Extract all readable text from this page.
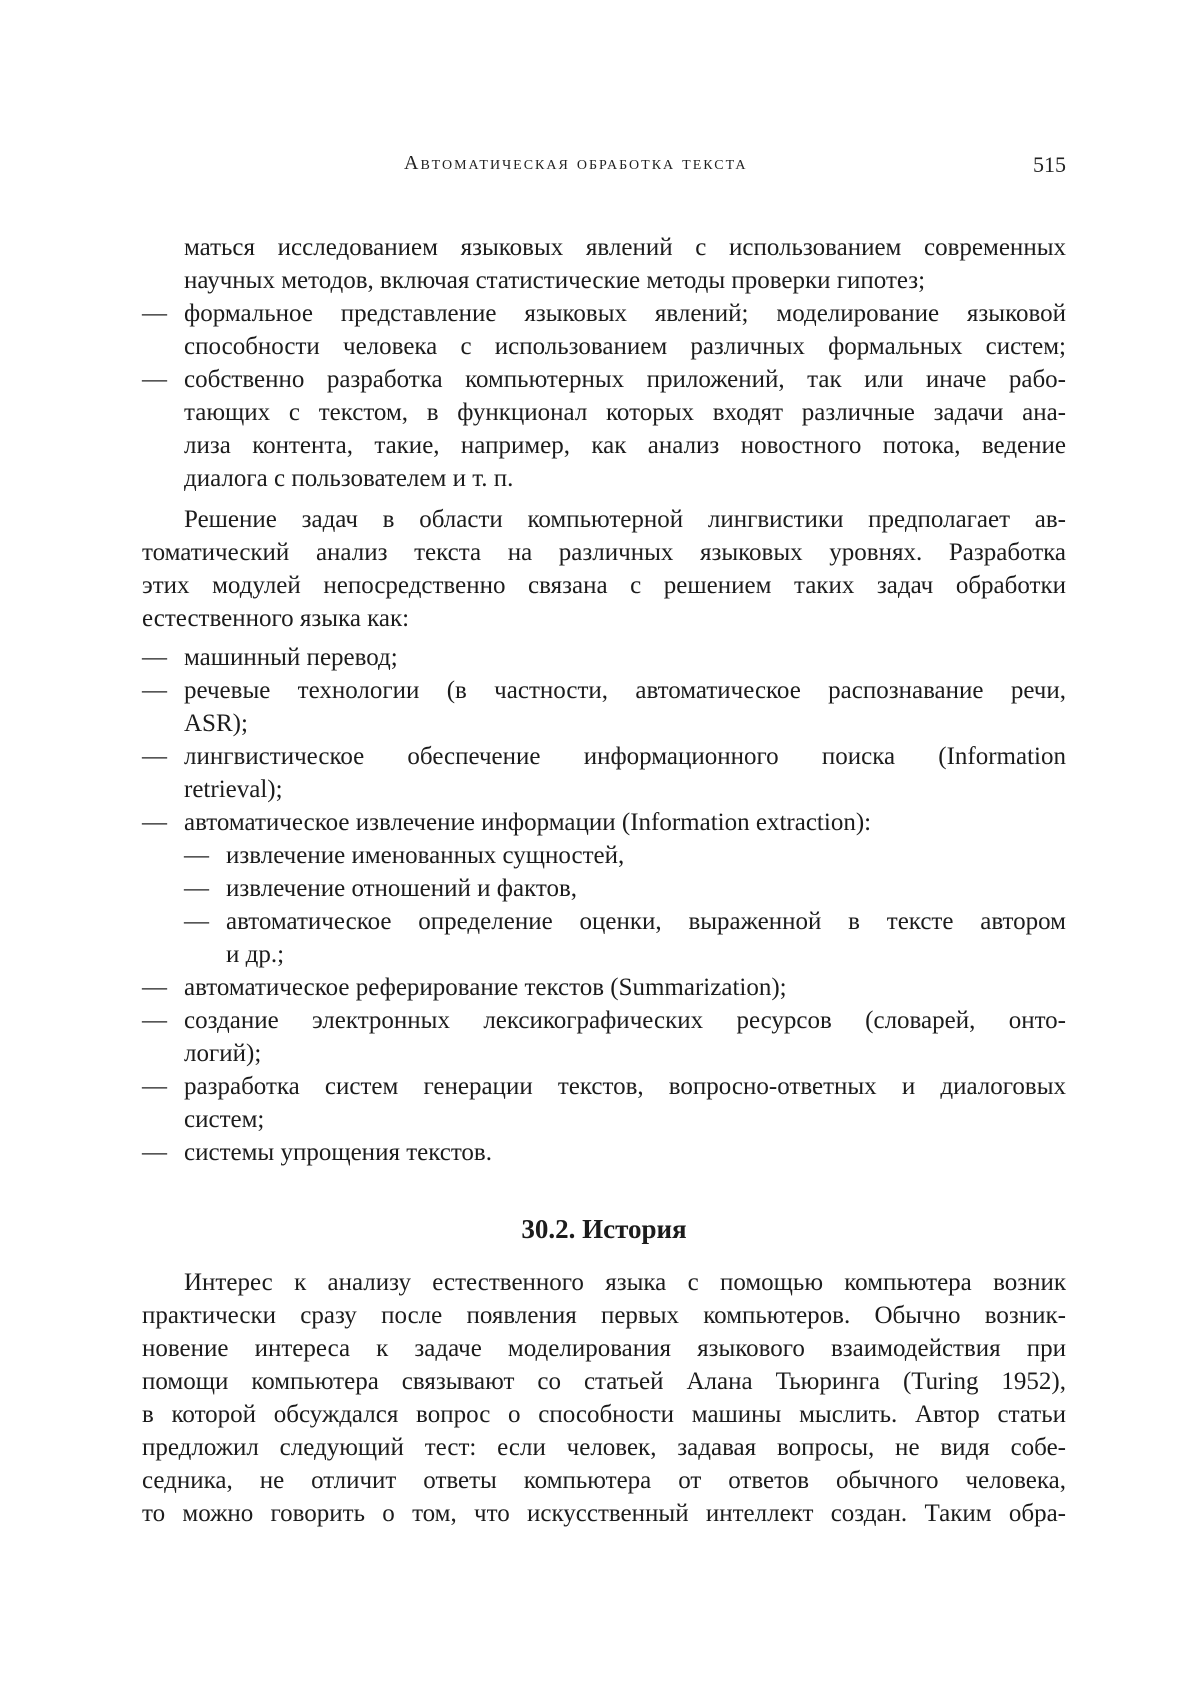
Автоматическая обработка текста	515
маться исследованием языковых явлений с использованием современных
научных методов, включая статистические методы проверки гипотез;
— формальное представление языковых явлений; моделирование языковой
способности человека с использованием различных формальных систем;
— собственно разработка компьютерных приложений, так или иначе рабо-
тающих с текстом, в функционал которых входят различные задачи ана-
лиза контента, такие, например, как анализ новостного потока, ведение
диалога с пользователем и т. п.
Решение задач в области компьютерной лингвистики предполагает ав-
томатический анализ текста на различных языковых уровнях. Разработка
этих модулей непосредственно связана с решением таких задач обработки
естественного языка как:
— машинный перевод;
— речевые технологии (в частности, автоматическое распознавание речи,
ASR);
— лингвистическое обеспечение информационного поиска (Information
retrieval);
— автоматическое извлечение информации (Information extraction):
— извлечение именованных сущностей,
— извлечение отношений и фактов,
— автоматическое определение оценки, выраженной в тексте автором
и др.;
— автоматическое реферирование текстов (Summarization);
— создание электронных лексикографических ресурсов (словарей, онто-
логий);
— разработка систем генерации текстов, вопросно-ответных и диалоговых
систем;
— системы упрощения текстов.
30.2. История
Интерес к анализу естественного языка с помощью компьютера возник
практически сразу после появления первых компьютеров. Обычно возник-
новение интереса к задаче моделирования языкового взаимодействия при
помощи компьютера связывают со статьей Алана Тьюринга (Turing 1952),
в которой обсуждался вопрос о способности машины мыслить. Автор статьи
предложил следующий тест: если человек, задавая вопросы, не видя собе-
седника, не отличит ответы компьютера от ответов обычного человека,
то можно говорить о том, что искусственный интеллект создан. Таким обра-
